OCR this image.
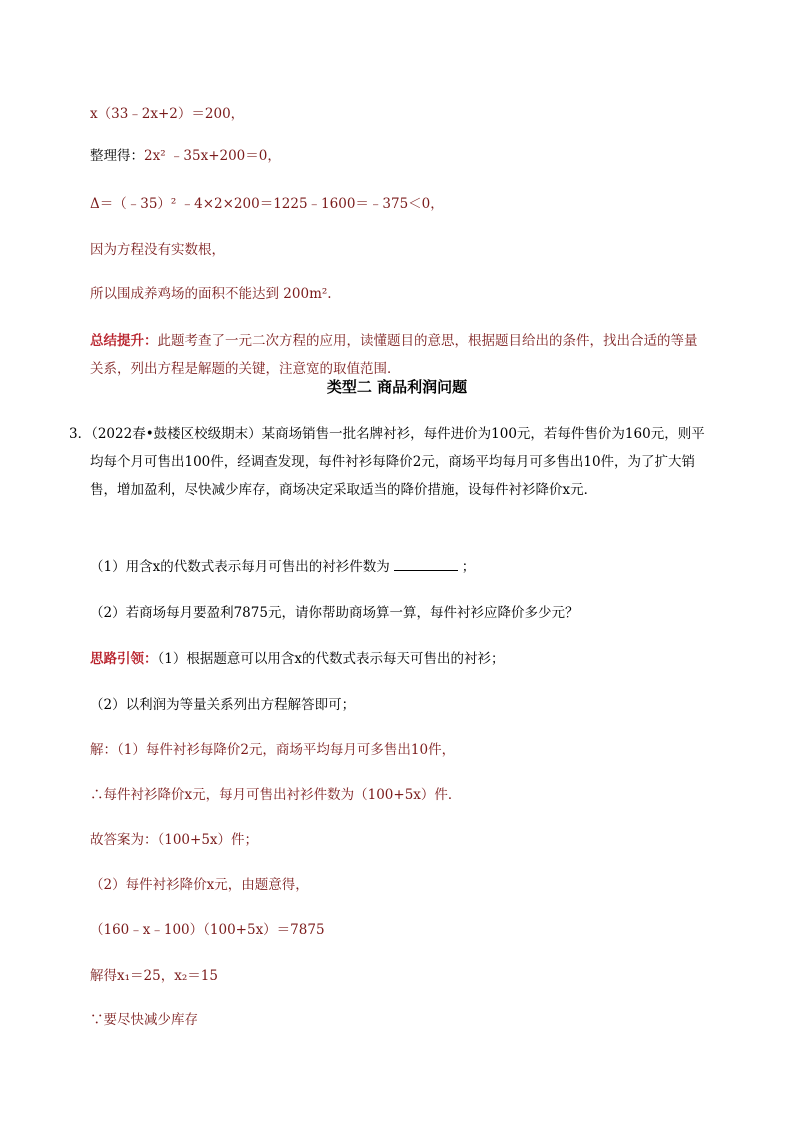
x（33﹣2x+2）＝200，
整理得：2x² ﹣35x+200＝0，
Δ＝（﹣35）² ﹣4×2×200＝1225﹣1600＝﹣375＜0，
因为方程没有实数根，
所以围成养鸡场的面积不能达到 200m².
总结提升：此题考查了一元二次方程的应用，读懂题目的意思，根据题目给出的条件，找出合适的等量
关系，列出方程是解题的关键，注意宽的取值范围．
类型二 商品利润问题
3．（2022春•鼓楼区校级期末）某商场销售一批名牌衬衫，每件进价为100元，若每件售价为160元，则平
均每个月可售出100件，经调查发现，每件衬衫每降价2元，商场平均每月可多售出10件，为了扩大销
售，增加盈利，尽快减少库存，商场决定采取适当的降价措施，设每件衬衫降价x元．
（1）用含x的代数式表示每月可售出的衬衫件数为	；
（2）若商场每月要盈利7875元，请你帮助商场算一算，每件衬衫应降价多少元？
思路引领：（1）根据题意可以用含x的代数式表示每天可售出的衬衫；
（2）以利润为等量关系列出方程解答即可；
解：（1）每件衬衫每降价2元，商场平均每月可多售出10件，
∴每件衬衫降价x元，每月可售出衬衫件数为（100+5x）件．
故答案为：（100+5x）件；
（2）每件衬衫降价x元，由题意得，
（160﹣x﹣100）（100+5x）＝7875
解得x₁＝25，x₂＝15
∵要尽快减少库存
